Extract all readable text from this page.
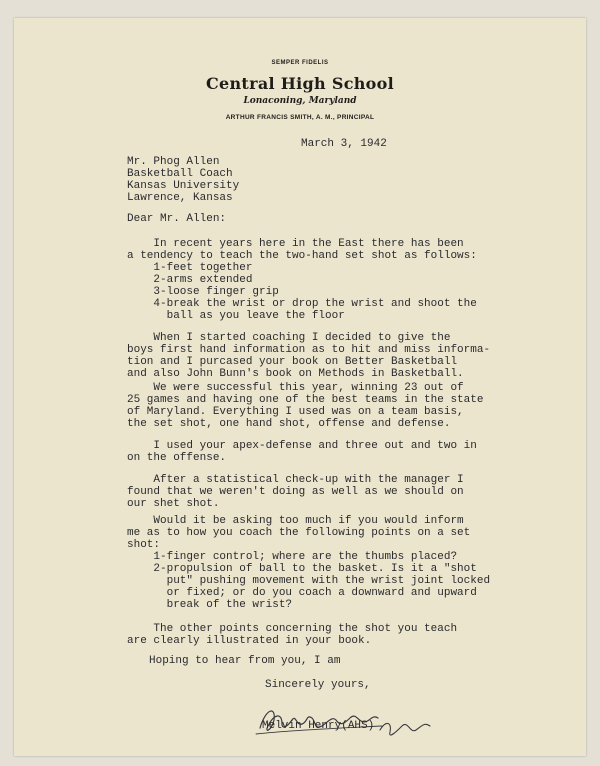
SEMPER FIDELIS
Central High School
Lonaconing, Maryland
ARTHUR FRANCIS SMITH, A. M., PRINCIPAL
March 3, 1942
Mr. Phog Allen
Basketball Coach
Kansas University
Lawrence, Kansas
Dear Mr. Allen:
In recent years here in the East there has been
a tendency to teach the two-hand set shot as follows:
1-feet together
2-arms extended
3-loose finger grip
4-break the wrist or drop the wrist and shoot the
ball as you leave the floor
When I started coaching I decided to give the
boys first hand information as to hit and miss informa-
tion and I purcased your book on Better Basketball
and also John Bunn's book on Methods in Basketball.
We were successful this year, winning 23 out of
25 games and having one of the best teams in the state
of Maryland. Everything I used was on a team basis,
the set shot, one hand shot, offense and defense.
I used your apex-defense and three out and two in
on the offense.
After a statistical check-up with the manager I
found that we weren't doing as well as we should on
our shet shot.
Would it be asking too much if you would inform
me as to how you coach the following points on a set
shot:
1-finger control; where are the thumbs placed?
2-propulsion of ball to the basket. Is it a "shot
put" pushing movement with the wrist joint locked
or fixed; or do you coach a downward and upward
break of the wrist?
The other points concerning the shot you teach
are clearly illustrated in your book.
Hoping to hear from you, I am
Sincerely yours,
Melvin Henry(AHS)
